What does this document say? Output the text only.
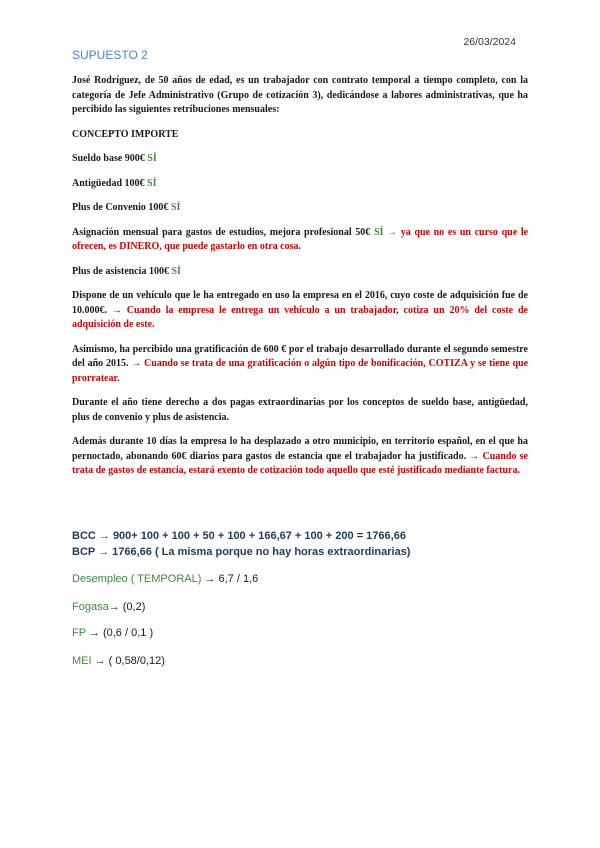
26/03/2024
SUPUESTO 2

José Rodríguez, de 50 años de edad, es un trabajador con contrato temporal a tiempo completo, con la categoría de Jefe Administrativo (Grupo de cotización 3), dedicándose a labores administrativas, que ha percibido las siguientes retribuciones mensuales:

CONCEPTO IMPORTE

Sueldo base 900€ SÍ

Antigüedad 100€ SÍ

Plus de Convenio 100€ SÍ

Asignación mensual para gastos de estudios, mejora profesional 50€ SÍ → ya que no es un curso que le ofrecen, es DINERO, que puede gastarlo en otra cosa.

Plus de asistencia 100€ SÍ

Dispone de un vehículo que le ha entregado en uso la empresa en el 2016, cuyo coste de adquisición fue de 10.000€. → Cuando la empresa le entrega un vehículo a un trabajador, cotiza un 20% del coste de adquisición de este.

Asimismo, ha percibido una gratificación de 600 € por el trabajo desarrollado durante el segundo semestre del año 2015. → Cuando se trata de una gratificación o algún tipo de bonificación, COTIZA y se tiene que prorratear.

Durante el año tiene derecho a dos pagas extraordinarias por los conceptos de sueldo base, antigüedad, plus de convenio y plus de asistencia.

Además durante 10 días la empresa lo ha desplazado a otro municipio, en territorio español, en el que ha pernoctado, abonando 60€ diarios para gastos de estancia que el trabajador ha justificado. → Cuando se trata de gastos de estancia, estará exento de cotización todo aquello que esté justificado mediante factura.

BCC → 900+ 100 + 100 + 50 + 100 + 166,67 + 100 + 200 = 1766,66
BCP → 1766,66 ( La misma porque no hay horas extraordinarias)
Desempleo ( TEMPORAL) → 6,7 / 1,6
Fogasa→ (0,2)
FP → (0,6 / 0,1 )
MEI → ( 0,58/0,12)
